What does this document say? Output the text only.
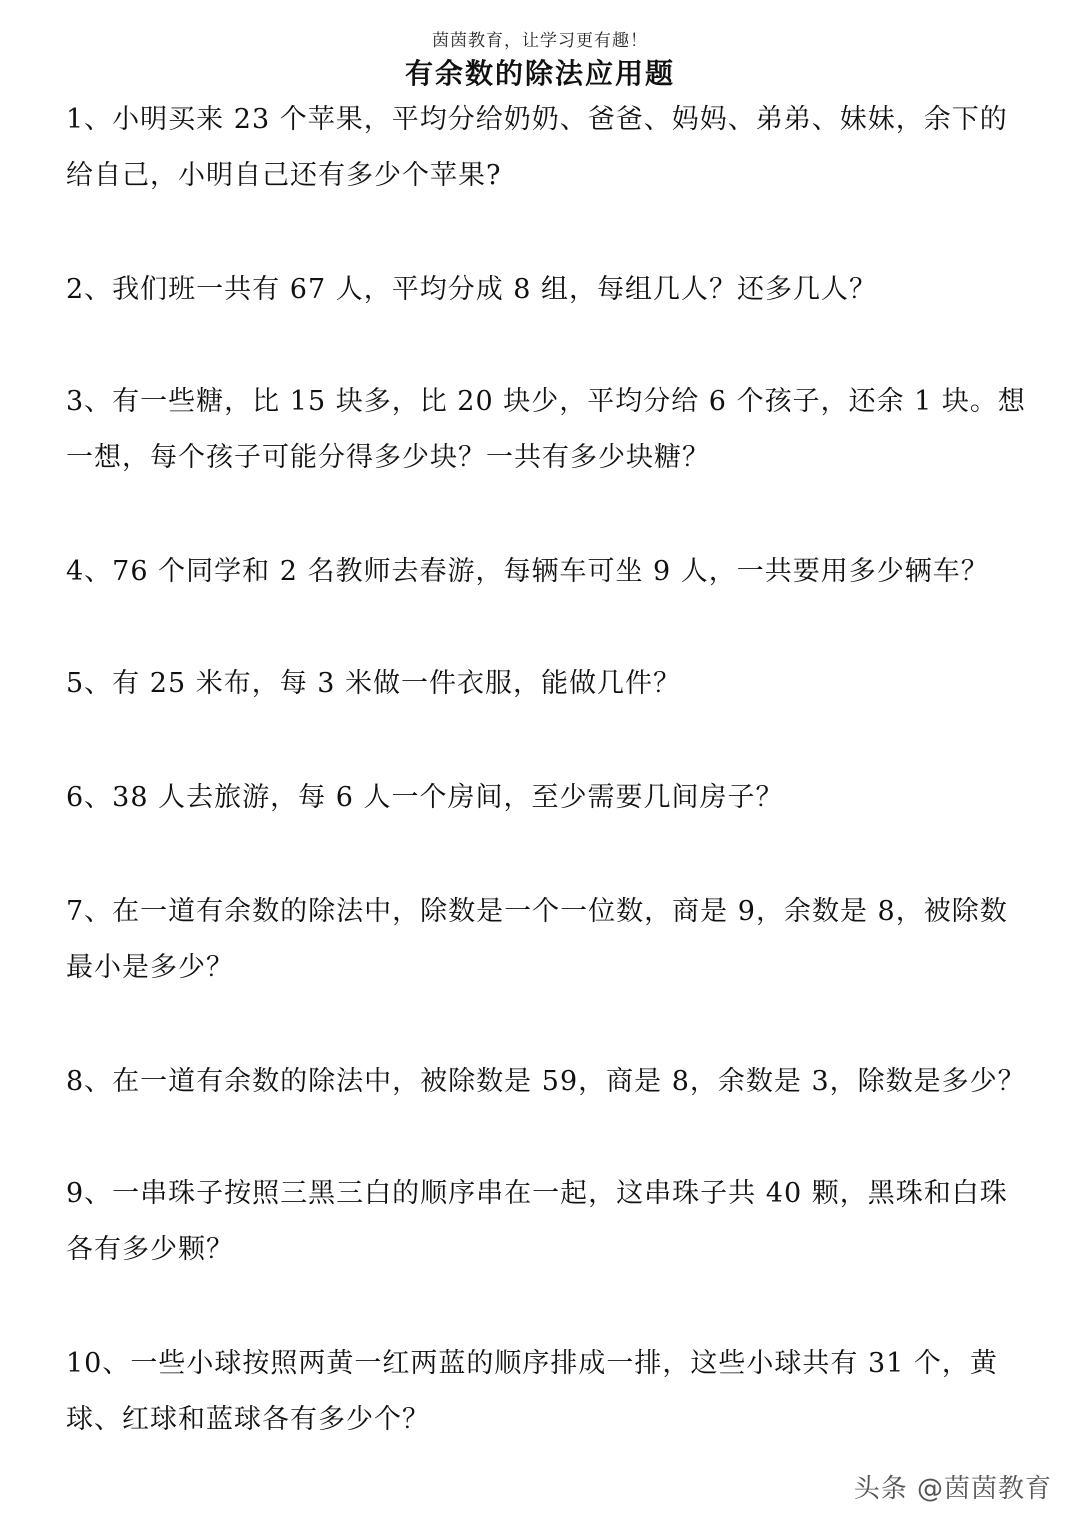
茵茵教育，让学习更有趣！
有余数的除法应用题
1、小明买来 23 个苹果，平均分给奶奶、爸爸、妈妈、弟弟、妹妹，余下的给自己，小明自己还有多少个苹果?
2、我们班一共有 67 人，平均分成 8 组，每组几人？还多几人？
3、有一些糖，比 15 块多，比 20 块少，平均分给 6 个孩子，还余 1 块。想一想，每个孩子可能分得多少块？一共有多少块糖？
4、76 个同学和 2 名教师去春游，每辆车可坐 9 人，一共要用多少辆车？
5、有 25 米布，每 3 米做一件衣服，能做几件？
6、38 人去旅游，每 6 人一个房间，至少需要几间房子？
7、在一道有余数的除法中，除数是一个一位数，商是 9，余数是 8，被除数最小是多少？
8、在一道有余数的除法中，被除数是 59，商是 8，余数是 3，除数是多少？
9、一串珠子按照三黑三白的顺序串在一起，这串珠子共 40 颗，黑珠和白珠各有多少颗？
10、一些小球按照两黄一红两蓝的顺序排成一排，这些小球共有 31 个，黄球、红球和蓝球各有多少个？
头条 @茵茵教育
